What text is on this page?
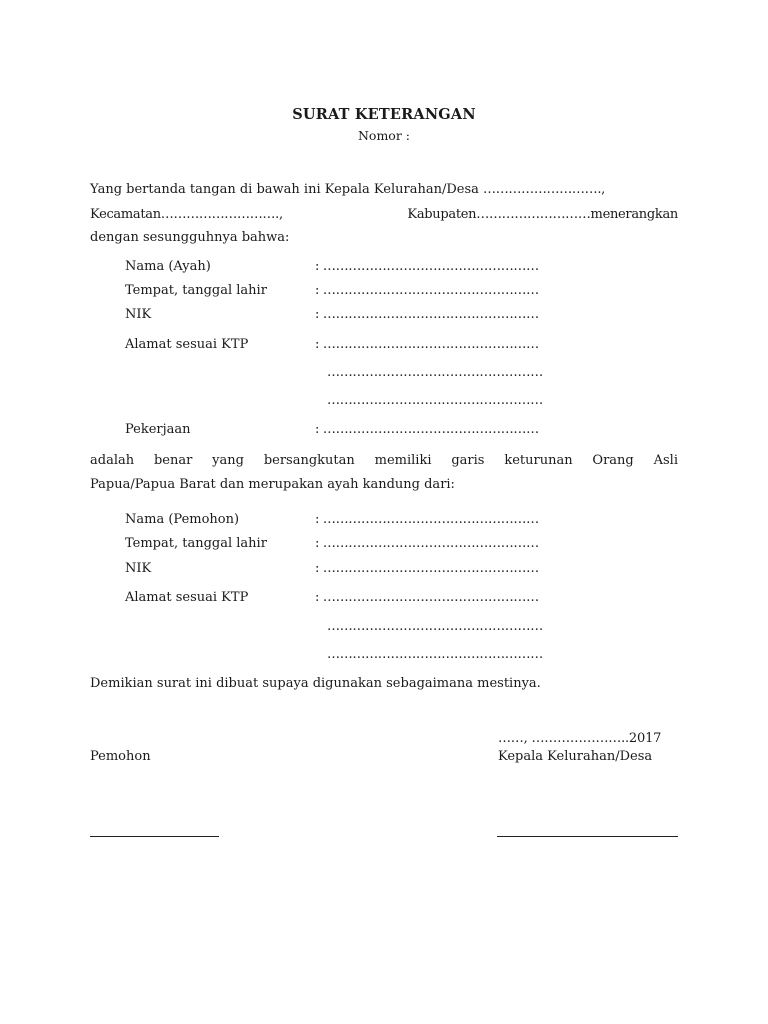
SURAT KETERANGAN
Nomor :
Yang bertanda tangan di bawah ini Kepala Kelurahan/Desa ……………………….,
Kecamatan……………………….,	Kabupaten………………………menerangkan
dengan sesungguhnya bahwa:
Nama (Ayah)	: ……………………………………………
Tempat, tanggal lahir	: ……………………………………………
NIK	: ……………………………………………
Alamat sesuai KTP	: ……………………………………………
……………………………………………
……………………………………………
Pekerjaan	: ……………………………………………
adalah benar yang bersangkutan memiliki garis keturunan Orang Asli
Papua/Papua Barat dan merupakan ayah kandung dari:
Nama (Pemohon)	: ……………………………………………
Tempat, tanggal lahir	: ……………………………………………
NIK	: ……………………………………………
Alamat sesuai KTP	: ……………………………………………
……………………………………………
……………………………………………
Demikian surat ini dibuat supaya digunakan sebagaimana mestinya.
……, …………………..2017
Pemohon	Kepala Kelurahan/Desa
